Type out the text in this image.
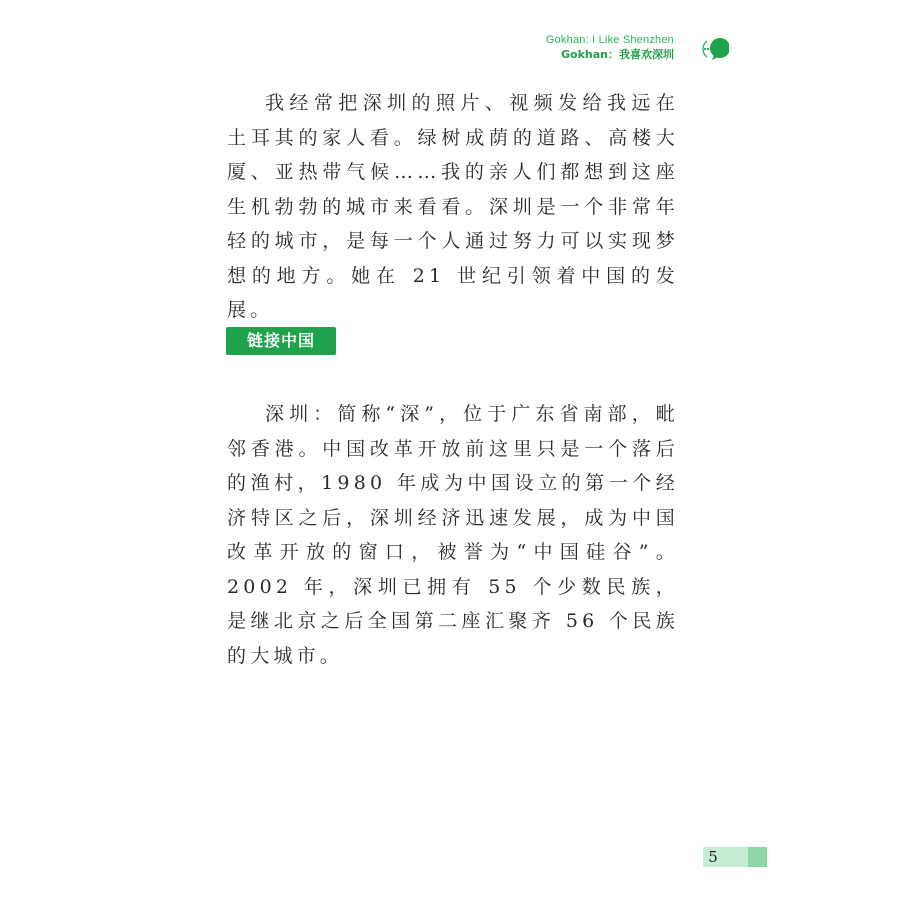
Gokhan: I Like Shenzhen
Gokhan：我喜欢深圳

我经常把深圳的照片、视频发给我远在土耳其的家人看。绿树成荫的道路、高楼大厦、亚热带气候……我的亲人们都想到这座生机勃勃的城市来看看。深圳是一个非常年轻的城市，是每一个人通过努力可以实现梦想的地方。她在 21 世纪引领着中国的发展。

链接中国

深圳：简称“深”，位于广东省南部，毗邻香港。中国改革开放前这里只是一个落后的渔村，1980 年成为中国设立的第一个经济特区之后，深圳经济迅速发展，成为中国改革开放的窗口，被誉为“中国硅谷”。2002 年，深圳已拥有 55 个少数民族，是继北京之后全国第二座汇聚齐 56 个民族的大城市。

5
